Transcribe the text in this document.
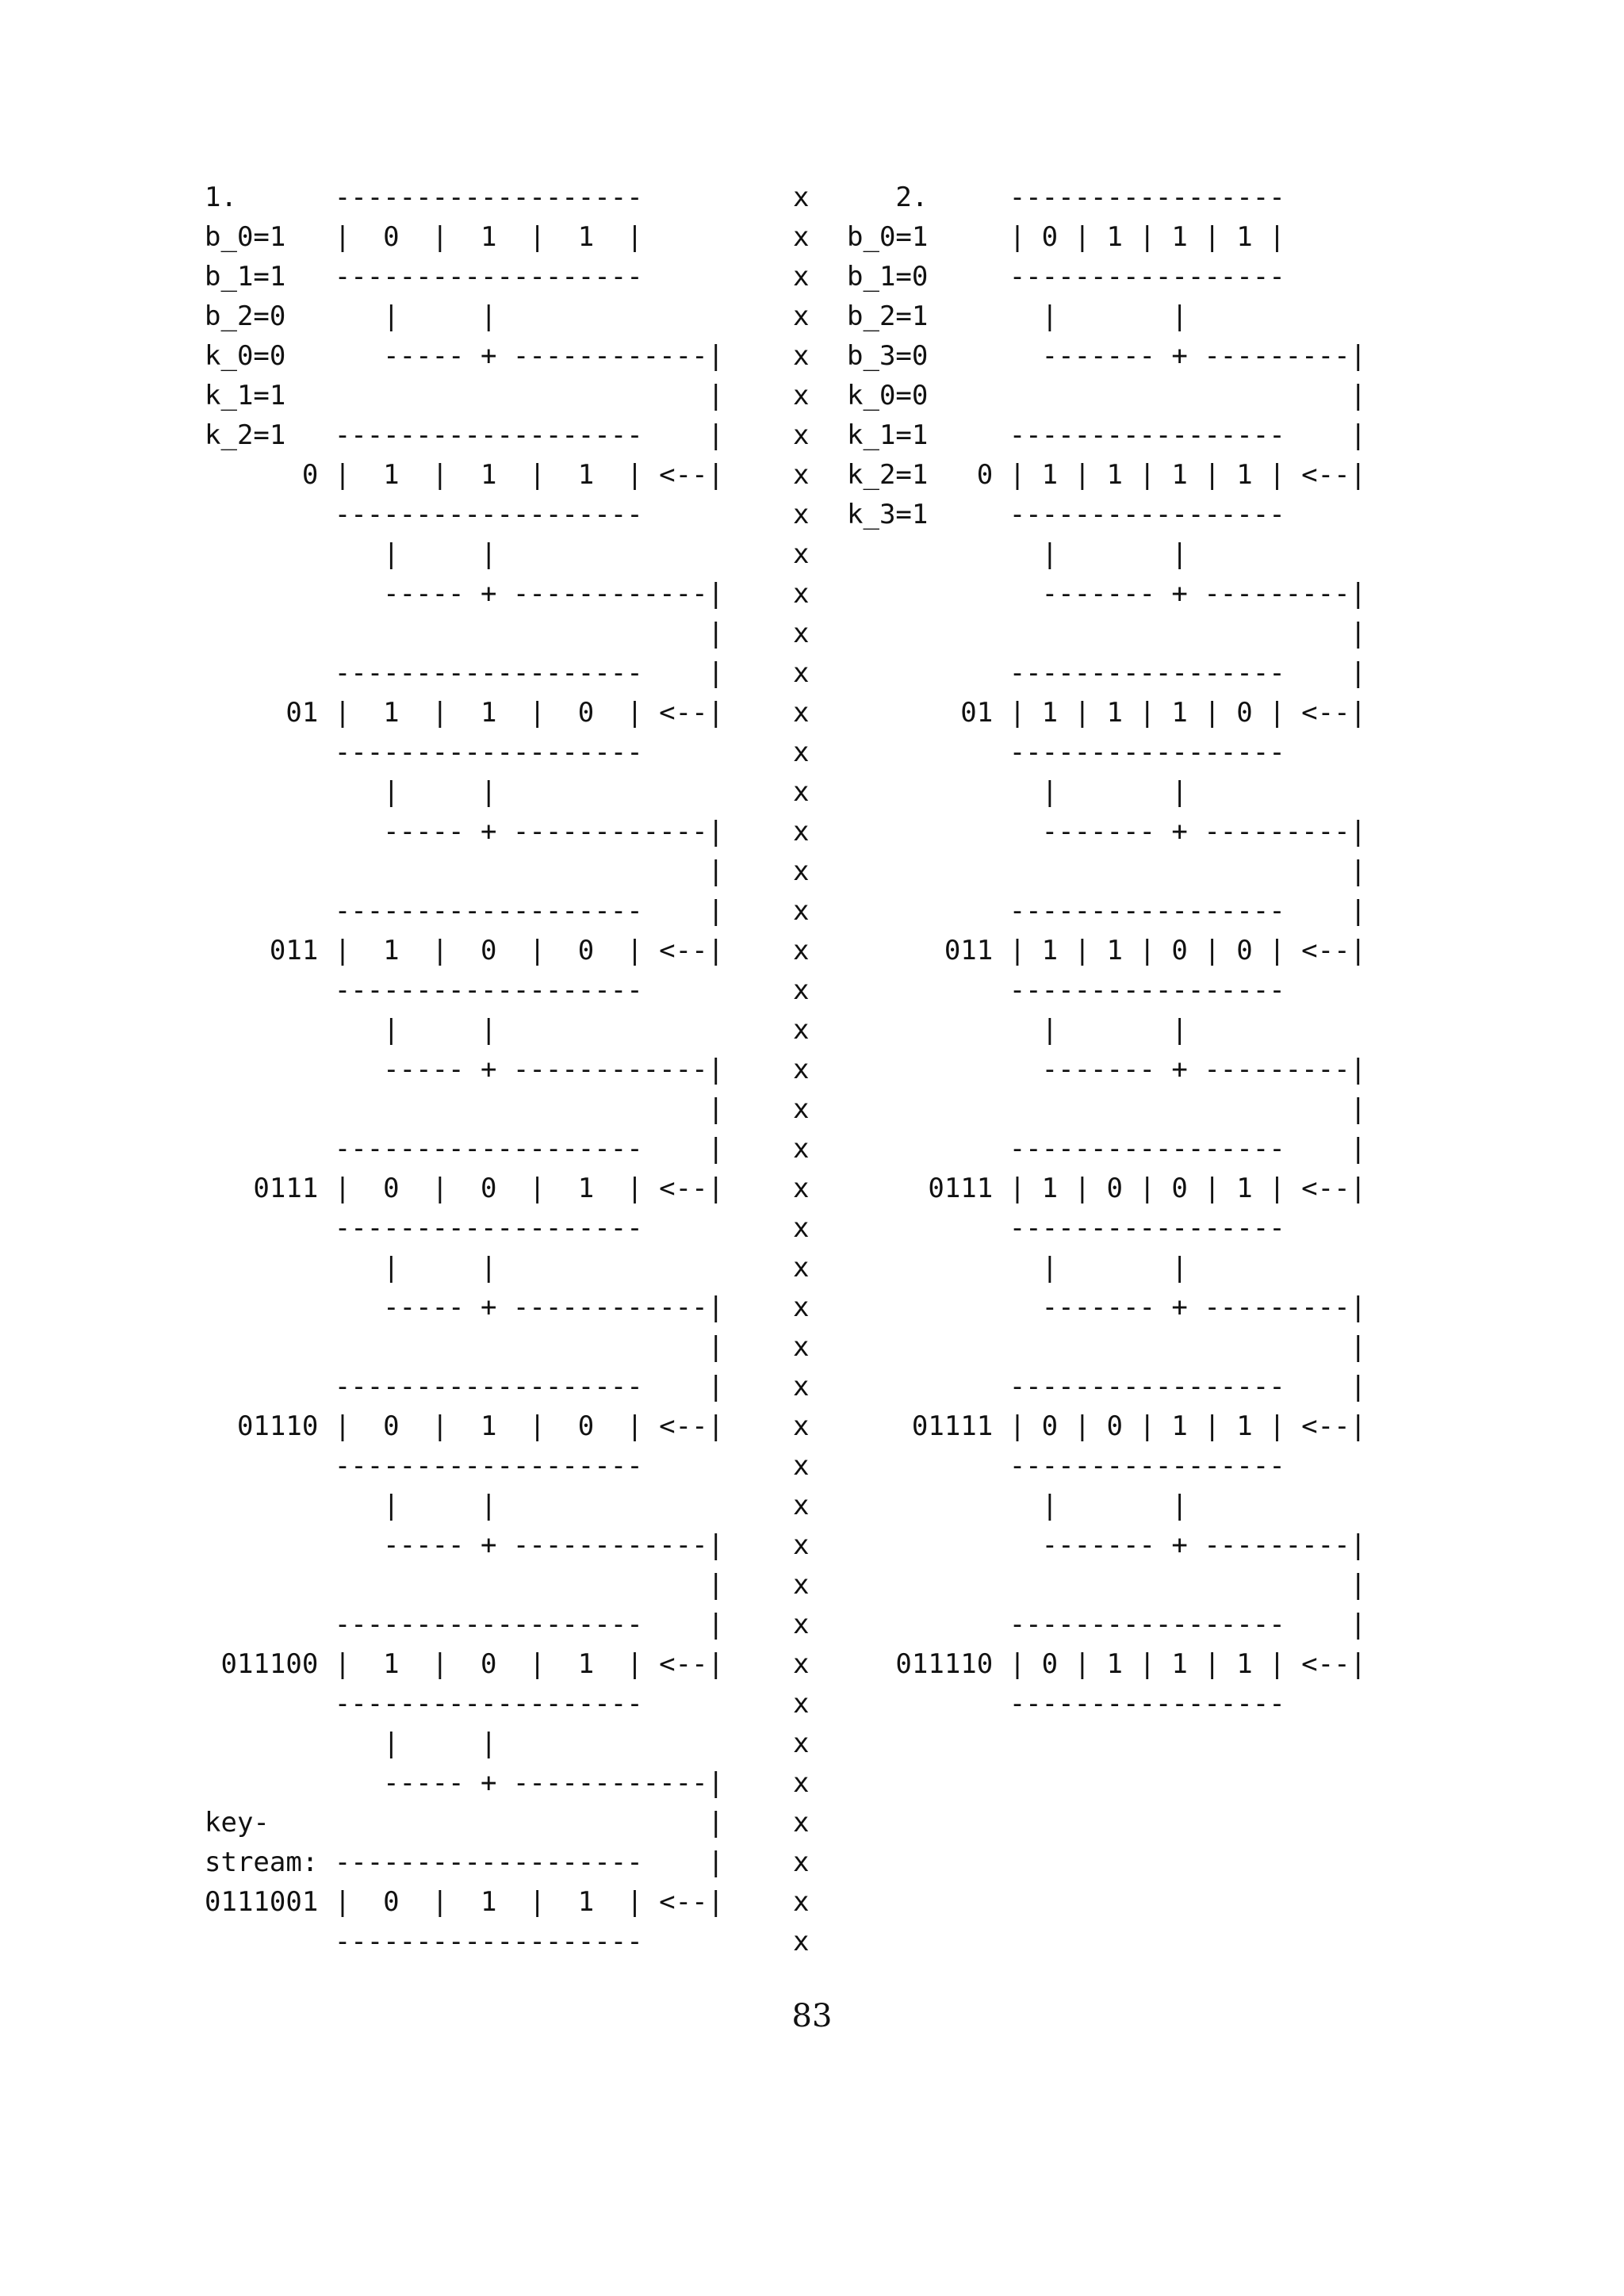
1.      -------------------
b_0=1   |  0  |  1  |  1  |
b_1=1   -------------------
b_2=0      |     |
k_0=0      ----- + ------------|
k_1=1                          |
k_2=1   -------------------    |
0 |  1  |  1  |  1  | <--|
-------------------
|     |
----- + ------------|
|
-------------------    |
01 |  1  |  1  |  0  | <--|
-------------------
|     |
----- + ------------|
|
-------------------    |
011 |  1  |  0  |  0  | <--|
-------------------
|     |
----- + ------------|
|
-------------------    |
0111 |  0  |  0  |  1  | <--|
-------------------
|     |
----- + ------------|
|
-------------------    |
01110 |  0  |  1  |  0  | <--|
-------------------
|     |
----- + ------------|
|
-------------------    |
011100 |  1  |  0  |  1  | <--|
-------------------
|     |
----- + ------------|
key-                           |
stream: -------------------    |
0111001 |  0  |  1  |  1  | <--|
-------------------
x
x
x
x
x
x
x
x
x
x
x
x
x
x
x
x
x
x
x
x
x
x
x
x
x
x
x
x
x
x
x
x
x
x
x
x
x
x
x
x
x
x
x
x
x
2.     -----------------
b_0=1     | 0 | 1 | 1 | 1 |
b_1=0     -----------------
b_2=1       |       |
b_3=0       ------- + ---------|
k_0=0                          |
k_1=1     -----------------    |
k_2=1   0 | 1 | 1 | 1 | 1 | <--|
k_3=1     -----------------
|       |
------- + ---------|
|
-----------------    |
01 | 1 | 1 | 1 | 0 | <--|
-----------------
|       |
------- + ---------|
|
-----------------    |
011 | 1 | 1 | 0 | 0 | <--|
-----------------
|       |
------- + ---------|
|
-----------------    |
0111 | 1 | 0 | 0 | 1 | <--|
-----------------
|       |
------- + ---------|
|
-----------------    |
01111 | 0 | 0 | 1 | 1 | <--|
-----------------
|       |
------- + ---------|
|
-----------------    |
011110 | 0 | 1 | 1 | 1 | <--|
-----------------
83
